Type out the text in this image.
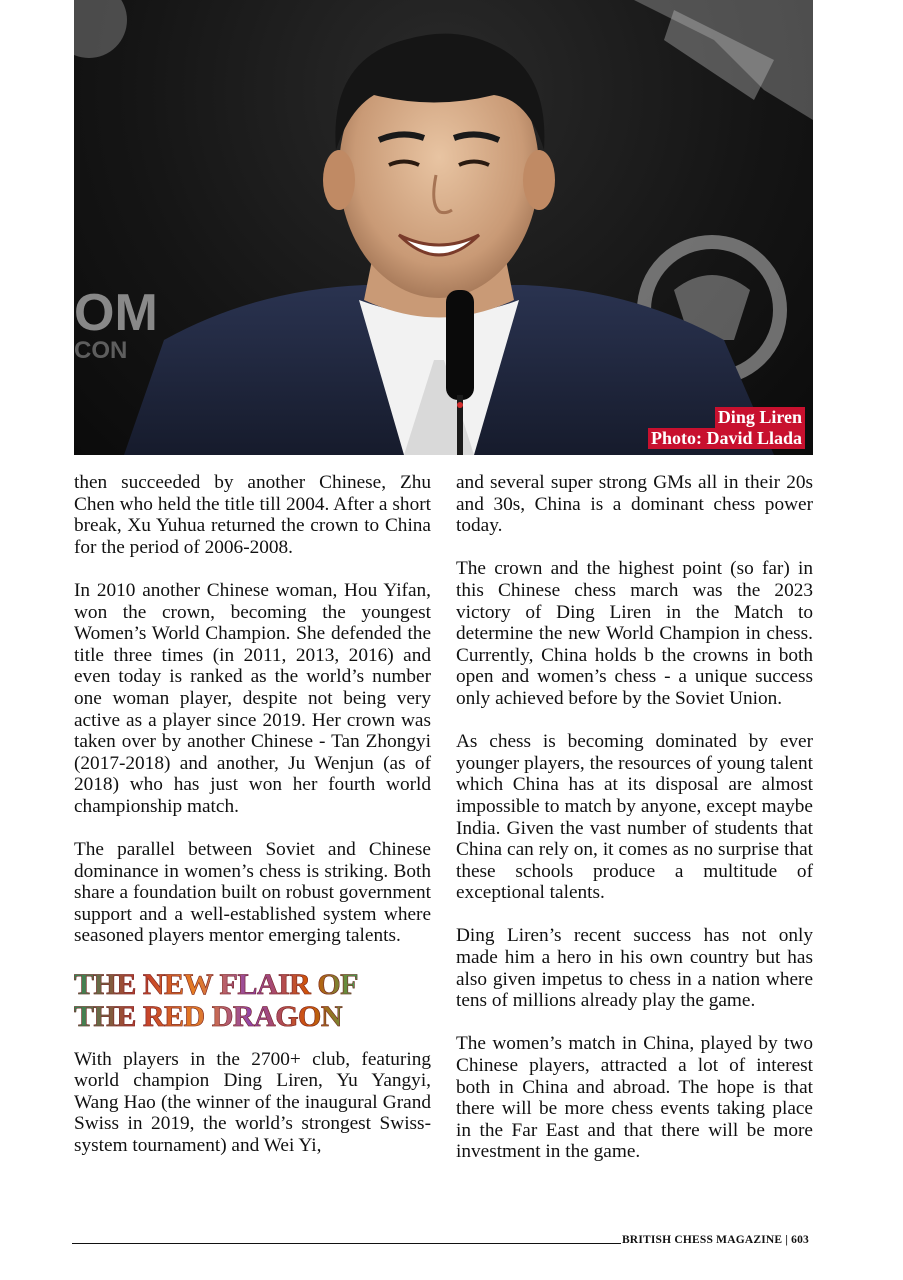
OM
CON
Ding Liren
Photo: David Llada

then succeeded by another Chinese, Zhu Chen who held the title till 2004. After a short break, Xu Yuhua returned the crown to China for the period of 2006-2008.

In 2010 another Chinese woman, Hou Yifan, won the crown, becoming the youngest Women’s World Champion. She defended the title three times (in 2011, 2013, 2016) and even today is ranked as the world’s number one woman player, despite not being very active as a player since 2019. Her crown was taken over by another Chinese - Tan Zhongyi (2017-2018) and another, Ju Wenjun (as of 2018) who has just won her fourth world championship match.

The parallel between Soviet and Chinese dominance in women’s chess is striking. Both share a foundation built on robust government support and a well-established system where seasoned players mentor emerging talents.

THE NEW FLAIR OF
THE RED DRAGON

With players in the 2700+ club, featuring world champion Ding Liren, Yu Yangyi, Wang Hao (the winner of the inaugural Grand Swiss in 2019, the world’s strongest Swiss-system tournament) and Wei Yi,

and several super strong GMs all in their 20s and 30s, China is a dominant chess power today.

The crown and the highest point (so far) in this Chinese chess march was the 2023 victory of Ding Liren in the Match to determine the new World Champion in chess. Currently, China holds b the crowns in both open and women’s chess - a unique success only achieved before by the Soviet Union.

As chess is becoming dominated by ever younger players, the resources of young talent which China has at its disposal are almost impossible to match by anyone, except maybe India. Given the vast number of students that China can rely on, it comes as no surprise that these schools produce a multitude of exceptional talents.

Ding Liren’s recent success has not only made him a hero in his own country but has also given impetus to chess in a nation where tens of millions already play the game.

The women’s match in China, played by two Chinese players, attracted a lot of interest both in China and abroad. The hope is that there will be more chess events taking place in the Far East and that there will be more investment in the game.

BRITISH CHESS MAGAZINE | 603
